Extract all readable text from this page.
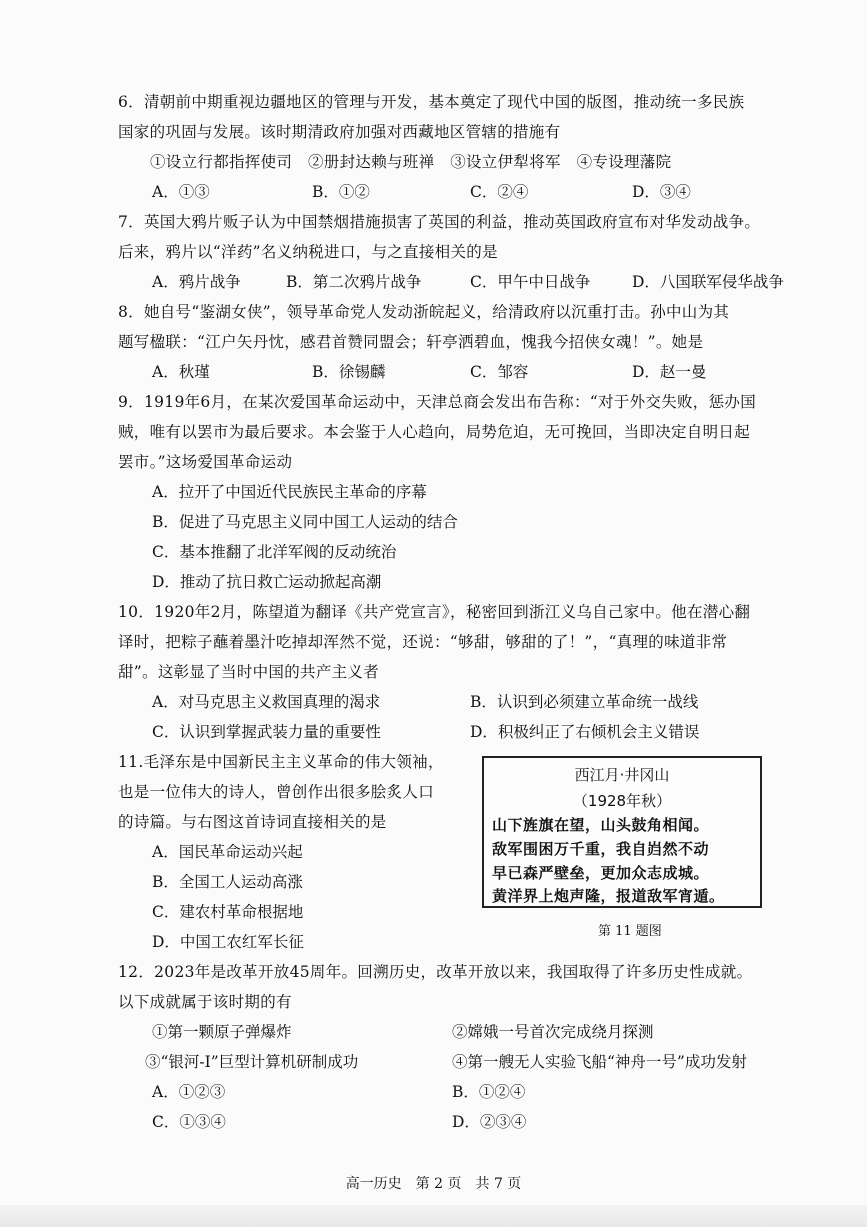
6．清朝前中期重视边疆地区的管理与开发，基本奠定了现代中国的版图，推动统一多民族
国家的巩固与发展。该时期清政府加强对西藏地区管辖的措施有
①设立行都指挥使司　②册封达赖与班禅　③设立伊犁将军　④专设理藩院
A．①③	B．①②	C．②④	D．③④
7．英国大鸦片贩子认为中国禁烟措施损害了英国的利益，推动英国政府宣布对华发动战争。
后来，鸦片以“洋药”名义纳税进口，与之直接相关的是
A．鸦片战争	B．第二次鸦片战争	C．甲午中日战争	D．八国联军侵华战争
8．她自号“鉴湖女侠”，领导革命党人发动浙皖起义，给清政府以沉重打击。孙中山为其
题写楹联：“江户矢丹忱，感君首赞同盟会；轩亭洒碧血，愧我今招侠女魂！”。她是
A．秋瑾	B．徐锡麟	C．邹容	D．赵一曼
9．1919年6月，在某次爱国革命运动中，天津总商会发出布告称：“对于外交失败，惩办国
贼，唯有以罢市为最后要求。本会鉴于人心趋向，局势危迫，无可挽回，当即决定自明日起
罢市。”这场爱国革命运动
A．拉开了中国近代民族民主革命的序幕
B．促进了马克思主义同中国工人运动的结合
C．基本推翻了北洋军阀的反动统治
D．推动了抗日救亡运动掀起高潮
10．1920年2月，陈望道为翻译《共产党宣言》，秘密回到浙江义乌自己家中。他在潜心翻
译时，把粽子蘸着墨汁吃掉却浑然不觉，还说：“够甜，够甜的了！”，“真理的味道非常
甜”。这彰显了当时中国的共产主义者
A．对马克思主义救国真理的渴求	B．认识到必须建立革命统一战线
C．认识到掌握武装力量的重要性	D．积极纠正了右倾机会主义错误
11.毛泽东是中国新民主主义革命的伟大领袖，
也是一位伟大的诗人，曾创作出很多脍炙人口
的诗篇。与右图这首诗词直接相关的是
A．国民革命运动兴起
B．全国工人运动高涨
C．建农村革命根据地
D．中国工农红军长征
西江月·井冈山
（1928年秋）
山下旌旗在望，山头鼓角相闻。
敌军围困万千重，我自岿然不动
早已森严壁垒，更加众志成城。
黄洋界上炮声隆，报道敌军宵遁。
第 11 题图
12．2023年是改革开放45周年。回溯历史，改革开放以来，我国取得了许多历史性成就。
以下成就属于该时期的有
①第一颗原子弹爆炸	②嫦娥一号首次完成绕月探测
③“银河-Ⅰ”巨型计算机研制成功	④第一艘无人实验飞船“神舟一号”成功发射
A．①②③	B．①②④
C．①③④	D．②③④
高一历史　第 2 页　共 7 页
